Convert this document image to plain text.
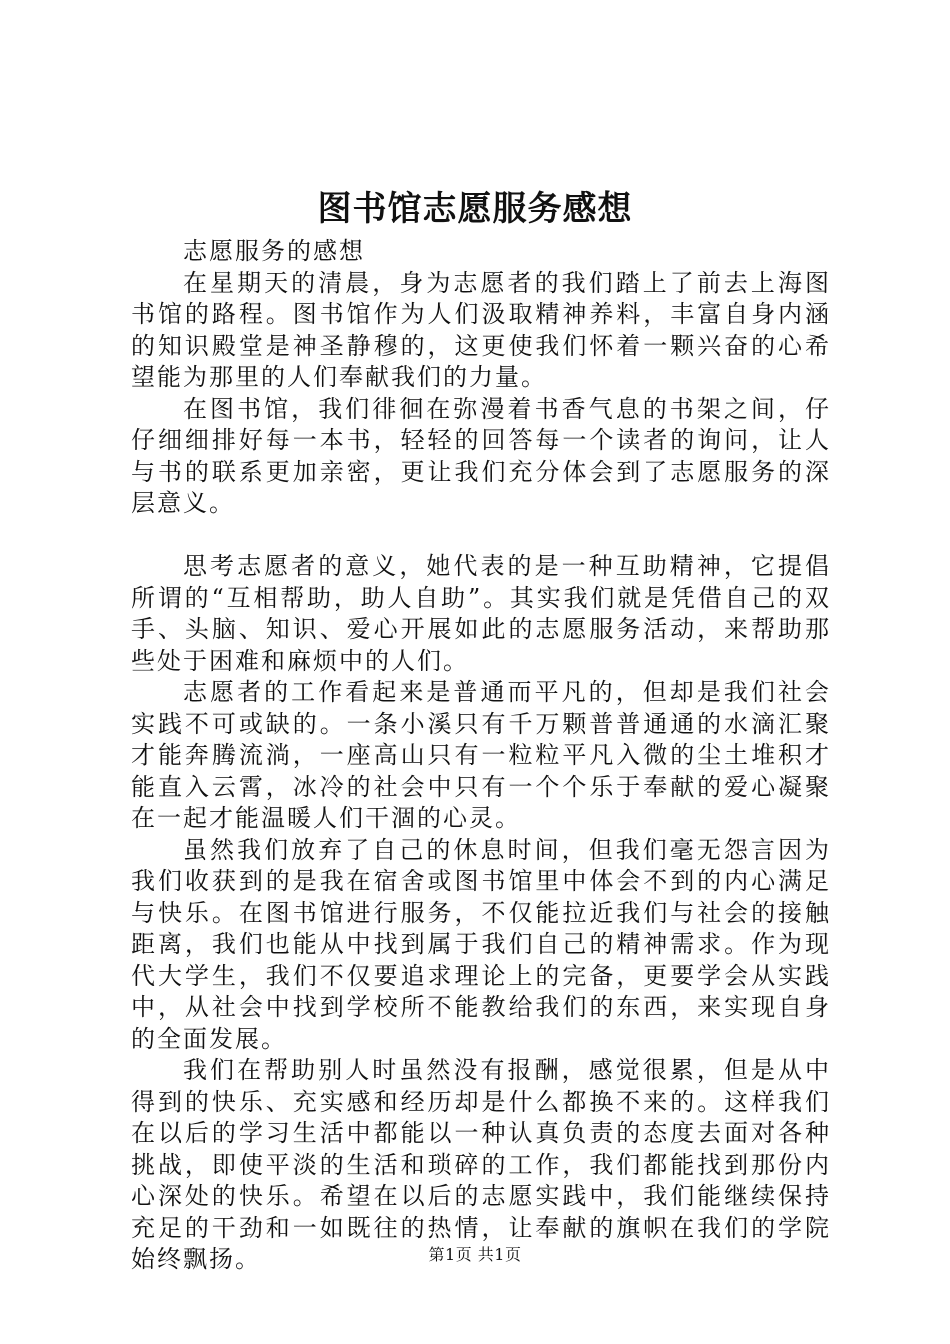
图书馆志愿服务感想

志愿服务的感想

在星期天的清晨，身为志愿者的我们踏上了前去上海图书馆的路程。图书馆作为人们汲取精神养料，丰富自身内涵的知识殿堂是神圣静穆的，这更使我们怀着一颗兴奋的心希望能为那里的人们奉献我们的力量。

在图书馆，我们徘徊在弥漫着书香气息的书架之间，仔仔细细排好每一本书，轻轻的回答每一个读者的询问，让人与书的联系更加亲密，更让我们充分体会到了志愿服务的深层意义。

思考志愿者的意义，她代表的是一种互助精神，它提倡所谓的“互相帮助，助人自助”。其实我们就是凭借自己的双手、头脑、知识、爱心开展如此的志愿服务活动，来帮助那些处于困难和麻烦中的人们。

志愿者的工作看起来是普通而平凡的，但却是我们社会实践不可或缺的。一条小溪只有千万颗普普通通的水滴汇聚才能奔腾流淌，一座高山只有一粒粒平凡入微的尘土堆积才能直入云霄，冰冷的社会中只有一个个乐于奉献的爱心凝聚在一起才能温暖人们干涸的心灵。

虽然我们放弃了自己的休息时间，但我们毫无怨言因为我们收获到的是我在宿舍或图书馆里中体会不到的内心满足与快乐。在图书馆进行服务，不仅能拉近我们与社会的接触距离，我们也能从中找到属于我们自己的精神需求。作为现代大学生，我们不仅要追求理论上的完备，更要学会从实践中，从社会中找到学校所不能教给我们的东西，来实现自身的全面发展。

我们在帮助别人时虽然没有报酬，感觉很累，但是从中得到的快乐、充实感和经历却是什么都换不来的。这样我们在以后的学习生活中都能以一种认真负责的态度去面对各种挑战，即使平淡的生活和琐碎的工作，我们都能找到那份内心深处的快乐。希望在以后的志愿实践中，我们能继续保持充足的干劲和一如既往的热情，让奉献的旗帜在我们的学院始终飘扬。	第1页 共1页
